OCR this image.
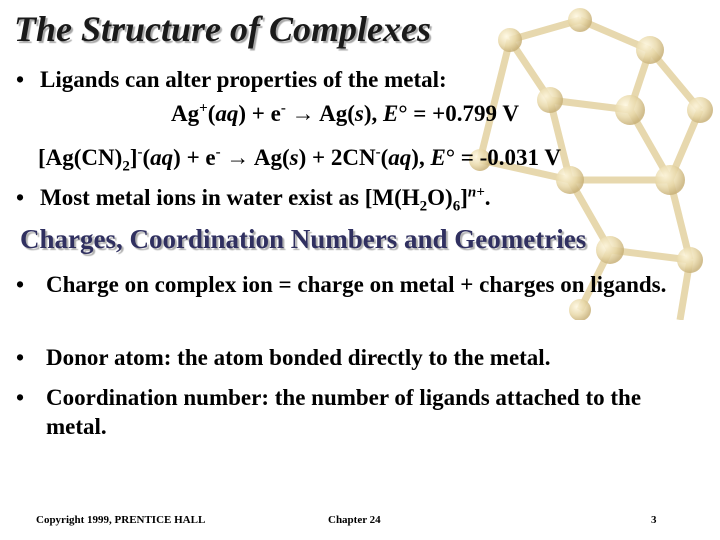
The Structure of Complexes
• Ligands can alter properties of the metal:
Ag+(aq) + e- → Ag(s), E° = +0.799 V
$[Ag(CN)_2]^-(aq) + e^- \to Ag(s) + 2CN^-(aq)$, E° = -0.031 V
• Most metal ions in water exist as $[M(H_2O)_6]^{n+}$.
Charges, Coordination Numbers and Geometries
• Charge on complex ion = charge on metal + charges on ligands.
• Donor atom: the atom bonded directly to the metal.
• Coordination number: the number of ligands attached to the metal.
Copyright 1999, PRENTICE HALL	Chapter 24	3
